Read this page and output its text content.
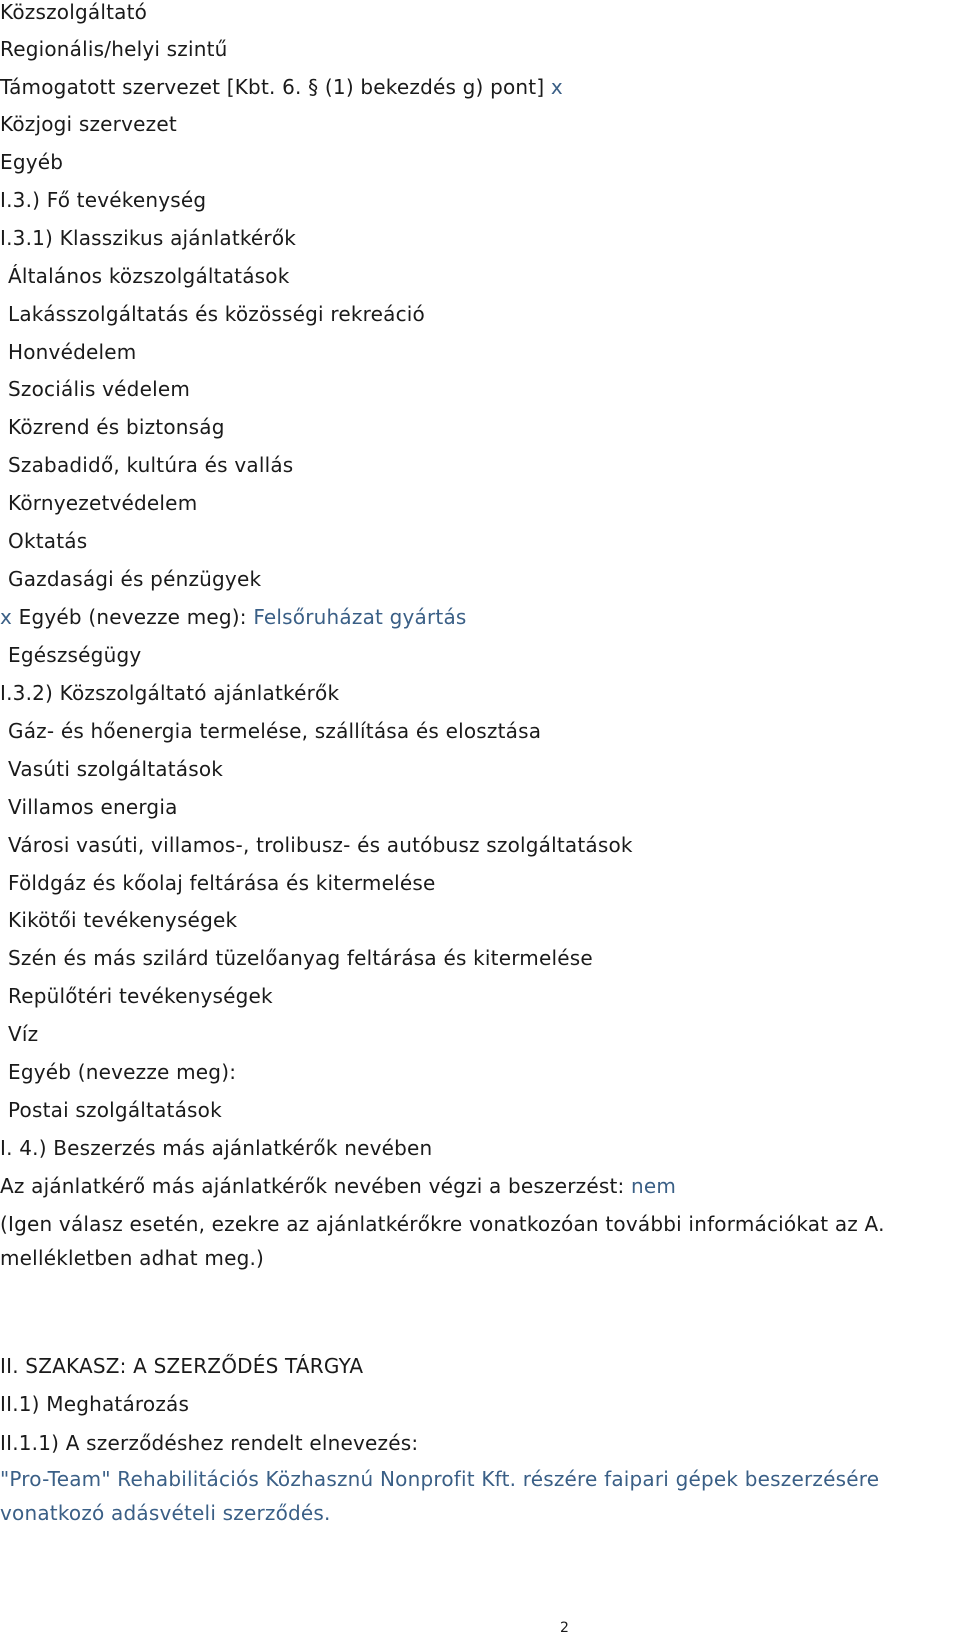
Közszolgáltató
Regionális/helyi szintű
Támogatott szervezet [Kbt. 6. § (1) bekezdés g) pont] x
Közjogi szervezet
Egyéb
I.3.) Fő tevékenység
I.3.1) Klasszikus ajánlatkérők
Általános közszolgáltatások
Lakásszolgáltatás és közösségi rekreáció
Honvédelem
Szociális védelem
Közrend és biztonság
Szabadidő, kultúra és vallás
Környezetvédelem
Oktatás
Gazdasági és pénzügyek
x Egyéb (nevezze meg): Felsőruházat gyártás
Egészségügy
I.3.2) Közszolgáltató ajánlatkérők
Gáz- és hőenergia termelése, szállítása és elosztása
Vasúti szolgáltatások
Villamos energia
Városi vasúti, villamos-, trolibusz- és autóbusz szolgáltatások
Földgáz és kőolaj feltárása és kitermelése
Kikötői tevékenységek
Szén és más szilárd tüzelőanyag feltárása és kitermelése
Repülőtéri tevékenységek
Víz
Egyéb (nevezze meg):
Postai szolgáltatások
I. 4.) Beszerzés más ajánlatkérők nevében
Az ajánlatkérő más ajánlatkérők nevében végzi a beszerzést: nem
(Igen válasz esetén, ezekre az ajánlatkérőkre vonatkozóan további információkat az A. mellékletben adhat meg.)
II. SZAKASZ: A SZERZŐDÉS TÁRGYA
II.1) Meghatározás
II.1.1) A szerződéshez rendelt elnevezés:
"Pro-Team" Rehabilitációs Közhasznú Nonprofit Kft. részére faipari gépek beszerzésére vonatkozó adásvételi szerződés.
2
